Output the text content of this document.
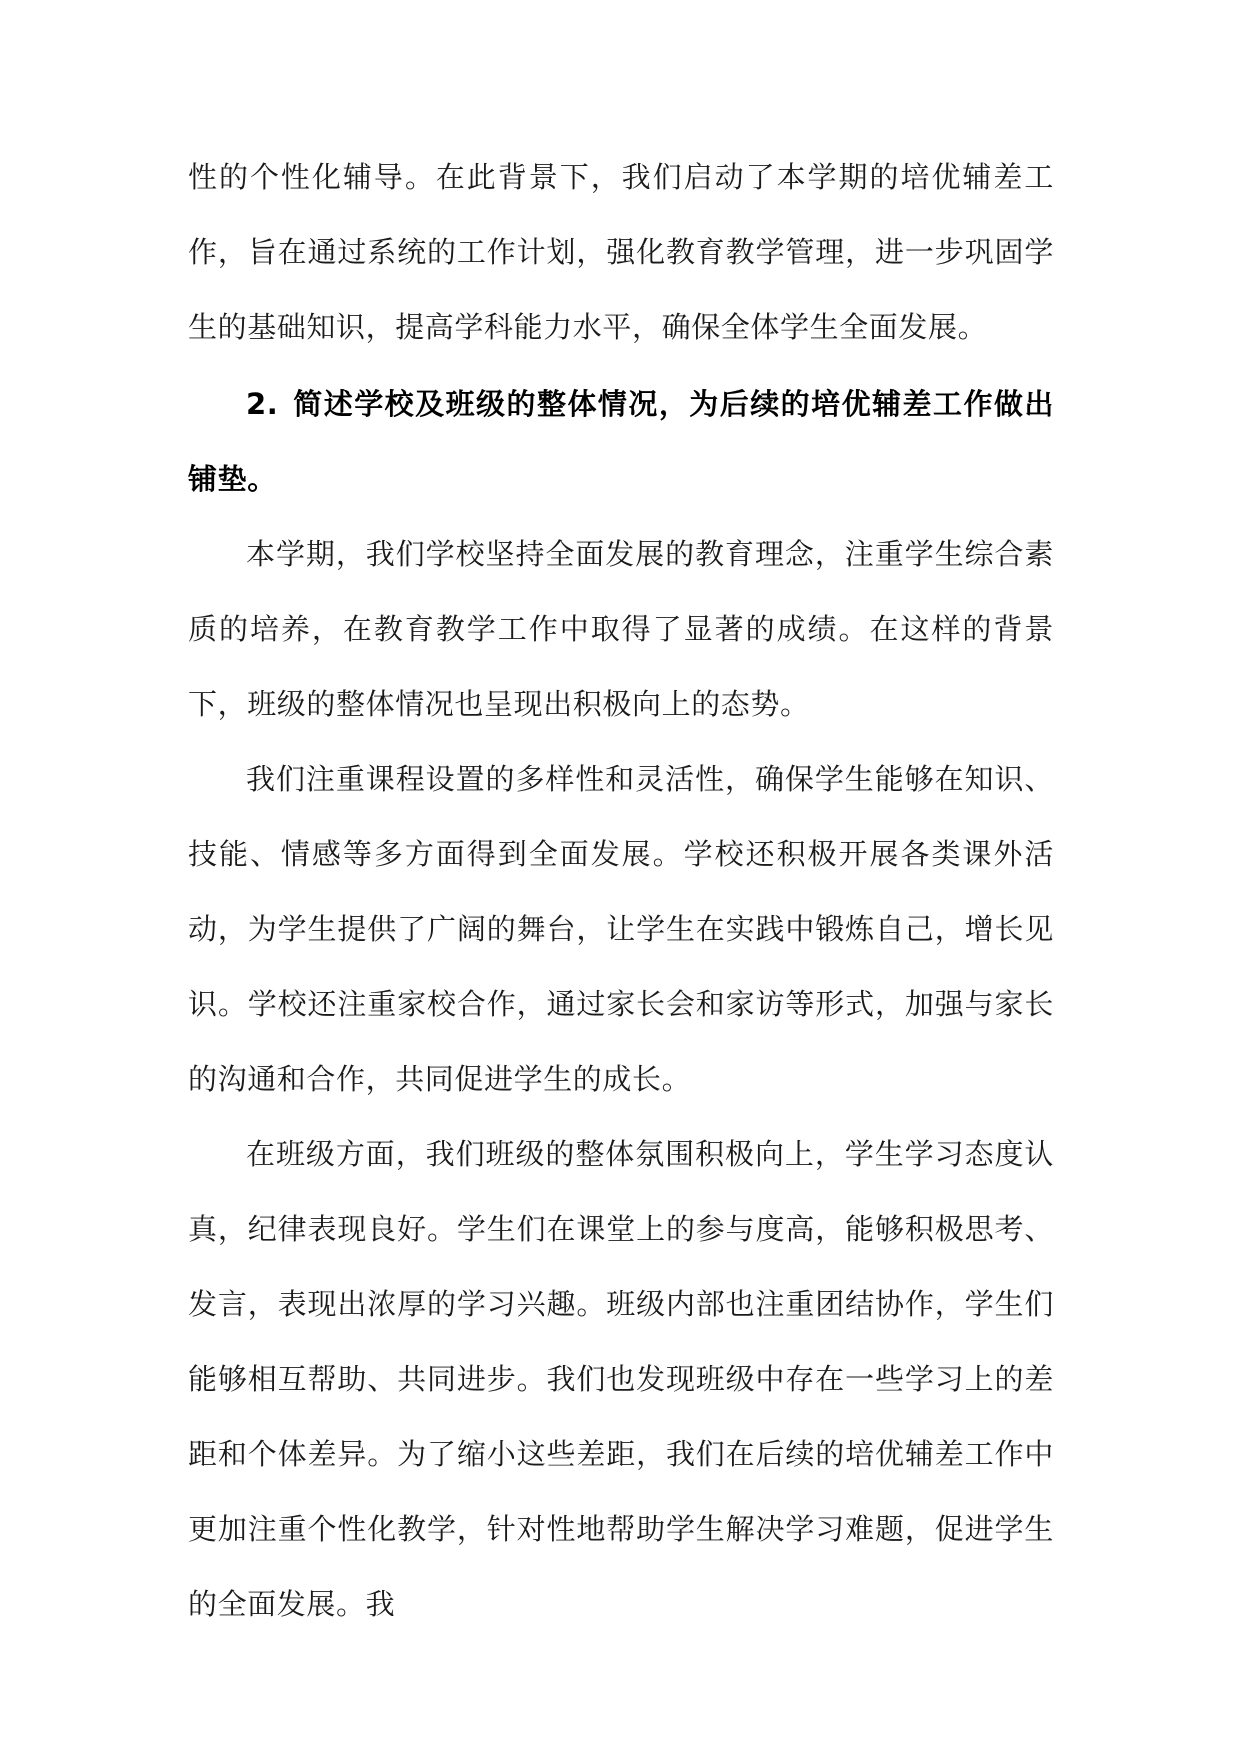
性的个性化辅导。在此背景下，我们启动了本学期的培优辅差工作，旨在通过系统的工作计划，强化教育教学管理，进一步巩固学生的基础知识，提高学科能力水平，确保全体学生全面发展。

2. 简述学校及班级的整体情况，为后续的培优辅差工作做出铺垫。

本学期，我们学校坚持全面发展的教育理念，注重学生综合素质的培养，在教育教学工作中取得了显著的成绩。在这样的背景下，班级的整体情况也呈现出积极向上的态势。

我们注重课程设置的多样性和灵活性，确保学生能够在知识、技能、情感等多方面得到全面发展。学校还积极开展各类课外活动，为学生提供了广阔的舞台，让学生在实践中锻炼自己，增长见识。学校还注重家校合作，通过家长会和家访等形式，加强与家长的沟通和合作，共同促进学生的成长。

在班级方面，我们班级的整体氛围积极向上，学生学习态度认真，纪律表现良好。学生们在课堂上的参与度高，能够积极思考、发言，表现出浓厚的学习兴趣。班级内部也注重团结协作，学生们能够相互帮助、共同进步。我们也发现班级中存在一些学习上的差距和个体差异。为了缩小这些差距，我们在后续的培优辅差工作中更加注重个性化教学，针对性地帮助学生解决学习难题，促进学生的全面发展。我
